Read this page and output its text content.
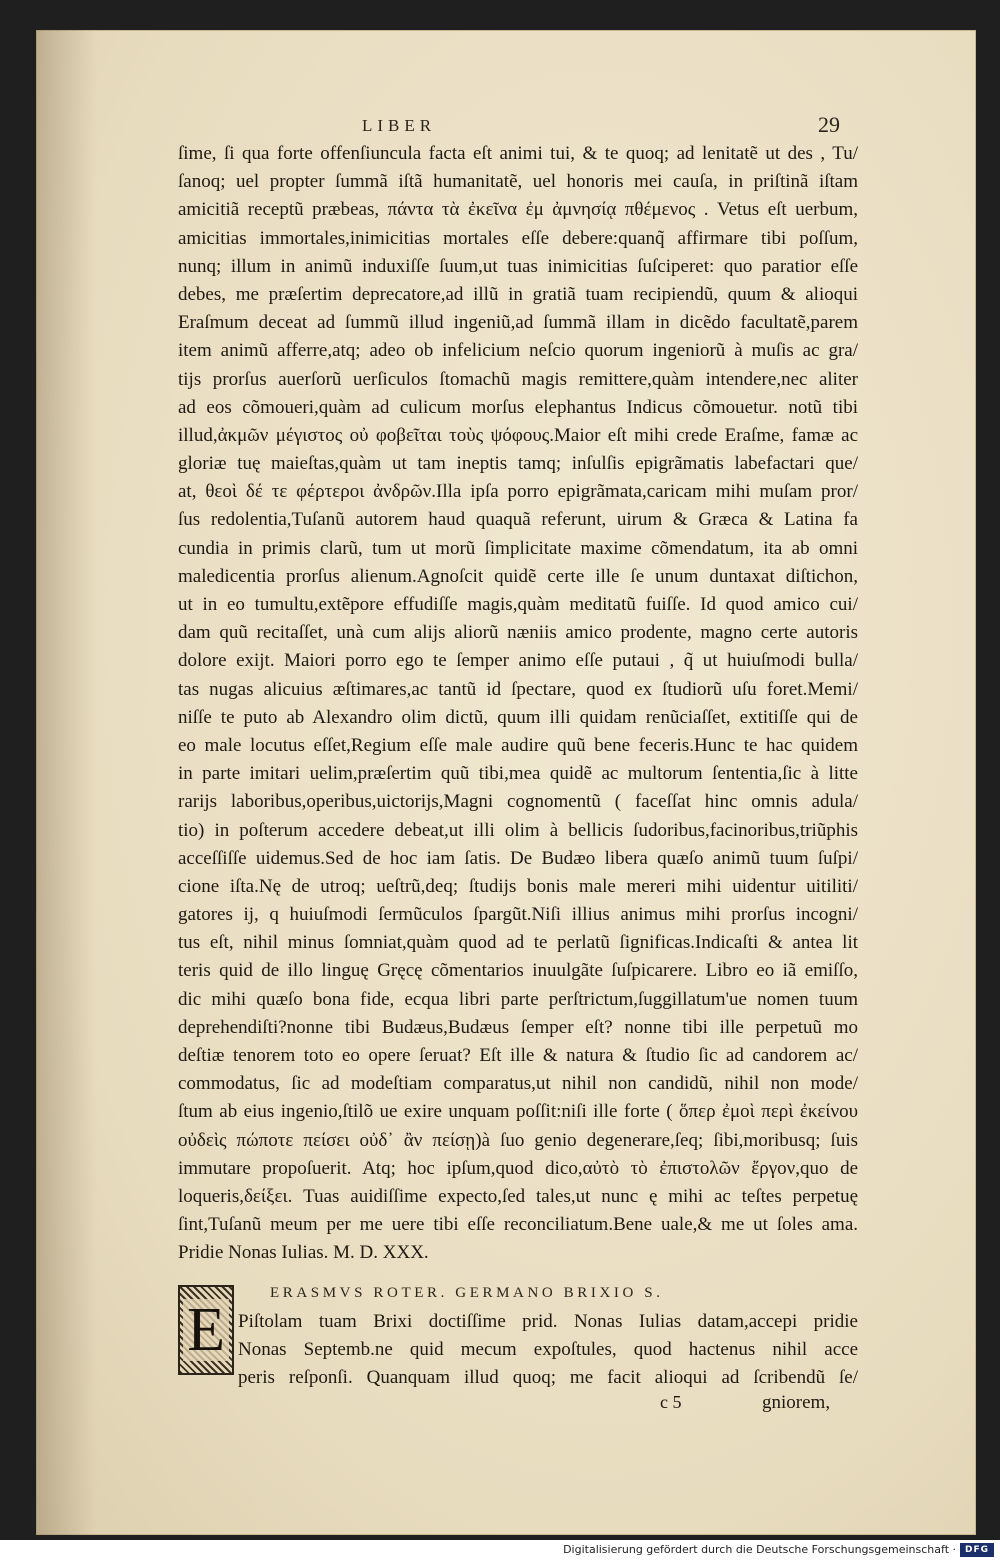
LIBER	29
ſime, ſi qua forte offenſiuncula facta eſt animi tui, & te quoq; ad lenitatẽ ut des , Tu/
ſanoq; uel propter ſummã iſtã humanitatẽ, uel honoris mei cauſa, in priſtinã iſtam
amicitiã receptũ præbeas, πάντα τὰ ἐκεῖνα ἐμ ἀμνησίᾳ πθέμενος . Vetus eſt uerbum,
amicitias immortales,inimicitias mortales eſſe debere:quanq̃ affirmare tibi poſſum,
nunq; illum in animũ induxiſſe ſuum,ut tuas inimicitias ſuſciperet: quo paratior eſſe
debes, me præſertim deprecatore,ad illũ in gratiã tuam recipiendũ, quum & alioqui
Eraſmum deceat ad ſummũ illud ingeniũ,ad ſummã illam in dicẽdo facultatẽ,parem
item animũ afferre,atq; adeo ob infelicium neſcio quorum ingeniorũ à muſis ac gra/
tijs prorſus auerſorũ uerſiculos ſtomachũ magis remittere,quàm intendere,nec aliter
ad eos cõmoueri,quàm ad culicum morſus elephantus Indicus cõmouetur. notũ tibi
illud,ἀκμῶν μέγιστος οὐ φοβεῖται τοὺς ψόφους.Maior eſt mihi crede Eraſme, famæ ac
gloriæ tuę maieſtas,quàm ut tam ineptis tamq; inſulſis epigrãmatis labefactari que/
at, θεοὶ δέ τε φέρτεροι ἀνδρῶν.Illa ipſa porro epigrãmata,caricam mihi muſam pror/
ſus redolentia,Tuſanũ autorem haud quaquã referunt, uirum & Græca & Latina fa
cundia in primis clarũ, tum ut morũ ſimplicitate maxime cõmendatum, ita ab omni
maledicentia prorſus alienum.Agnoſcit quidẽ certe ille ſe unum duntaxat diſtichon,
ut in eo tumultu,extẽpore effudiſſe magis,quàm meditatũ fuiſſe. Id quod amico cui/
dam quũ recitaſſet, unà cum alijs aliorũ næniis amico prodente, magno certe autoris
dolore exijt. Maiori porro ego te ſemper animo eſſe putaui , q̃ ut huiuſmodi bulla/
tas nugas alicuius æſtimares,ac tantũ id ſpectare, quod ex ſtudiorũ uſu foret.Memi/
niſſe te puto ab Alexandro olim dictũ, quum illi quidam renũciaſſet, extitiſſe qui de
eo male locutus eſſet,Regium eſſe male audire quũ bene feceris.Hunc te hac quidem
in parte imitari uelim,præſertim quũ tibi,mea quidẽ ac multorum ſententia,ſic à litte
rarijs laboribus,operibus,uictorijs,Magni cognomentũ ( faceſſat hinc omnis adula/
tio) in poſterum accedere debeat,ut illi olim à bellicis ſudoribus,facinoribus,triũphis
acceſſiſſe uidemus.Sed de hoc iam ſatis. De Budæo libera quæſo animũ tuum ſuſpi/
cione iſta.Nę de utroq; ueſtrũ,deq; ſtudijs bonis male mereri mihi uidentur uitiliti/
gatores ij, q huiuſmodi ſermũculos ſpargũt.Niſi illius animus mihi prorſus incogni/
tus eſt, nihil minus ſomniat,quàm quod ad te perlatũ ſignificas.Indicaſti & antea lit
teris quid de illo linguę Gręcę cõmentarios inuulgãte ſuſpicarere. Libro eo iã emiſſo,
dic mihi quæſo bona fide, ecqua libri parte perſtrictum,ſuggillatum'ue nomen tuum
deprehendiſti?nonne tibi Budæus,Budæus ſemper eſt? nonne tibi ille perpetuũ mo
deſtiæ tenorem toto eo opere ſeruat? Eſt ille & natura & ſtudio ſic ad candorem ac/
commodatus, ſic ad modeſtiam comparatus,ut nihil non candidũ, nihil non mode/
ſtum ab eius ingenio,ſtilõ ue exire unquam poſſit:niſi ille forte ( ὅπερ ἐμοὶ περὶ ἐκείνου
οὐδεὶς πώποτε πείσει οὐδ᾽ ἂν πείσῃ)à ſuo genio degenerare,ſeq; ſibi,moribusq; ſuis
immutare propoſuerit. Atq; hoc ipſum,quod dico,αὐτὸ τὸ ἐπιστολῶν ἔργον,quo de
loqueris,δείξει. Tuas auidiſſime expecto,ſed tales,ut nunc ę mihi ac teſtes perpetuę
ſint,Tuſanũ meum per me uere tibi eſſe reconciliatum.Bene uale,& me ut ſoles ama.
Pridie Nonas Iulias. M. D. XXX.
E
ERASMVS ROTER. GERMANO BRIXIO S.
Piſtolam tuam Brixi doctiſſime prid. Nonas Iulias datam,accepi pridie
Nonas Septemb.ne quid mecum expoſtules, quod hactenus nihil acce
peris reſponſi. Quanquam illud quoq; me facit alioqui ad ſcribendũ ſe/
c 5	gniorem,
Digitalisierung gefördert durch die Deutsche Forschungsgemeinschaft · DFG
